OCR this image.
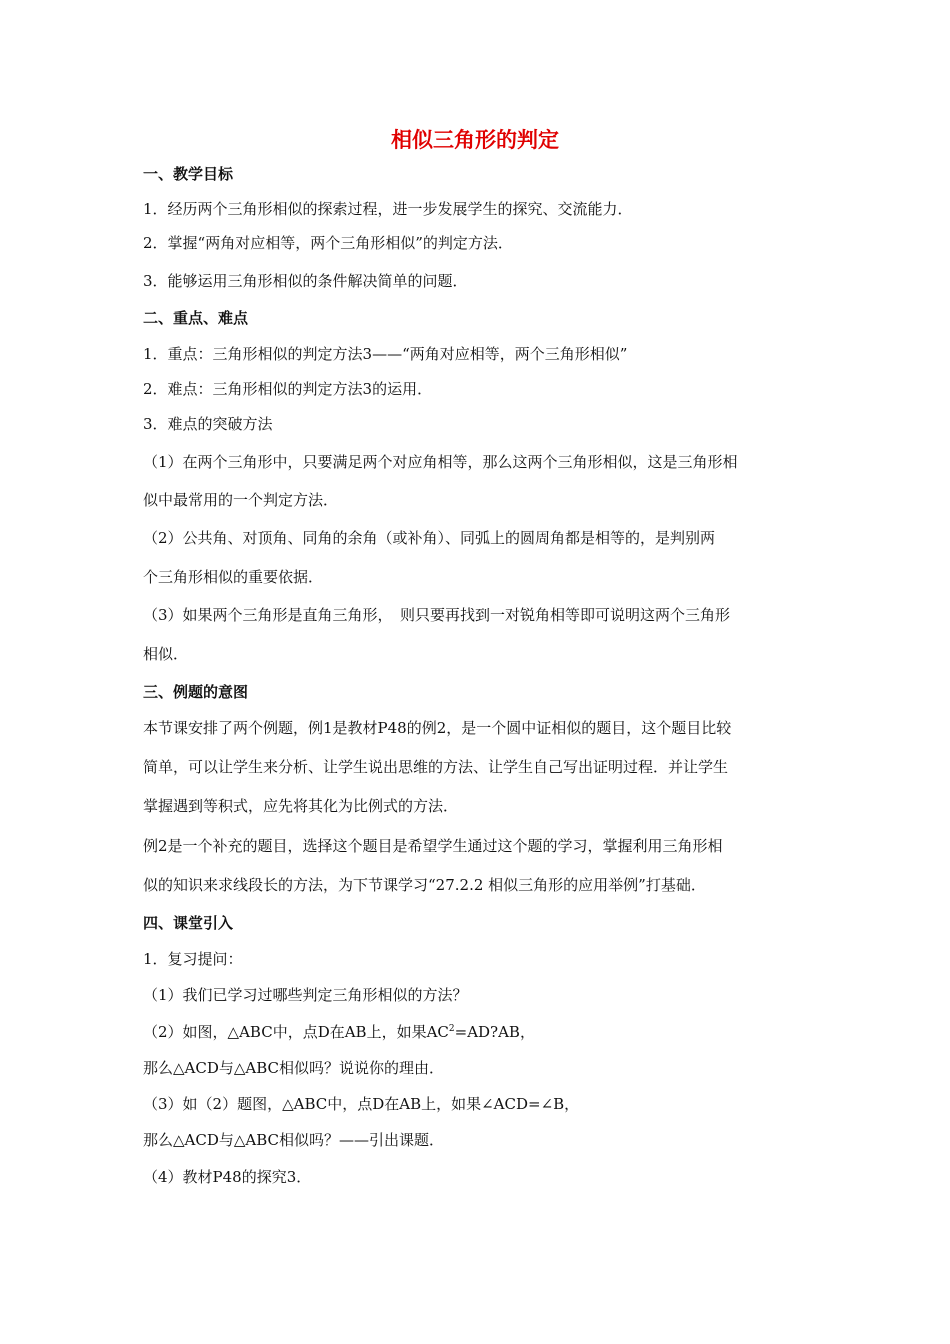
相似三角形的判定
一、教学目标
1．经历两个三角形相似的探索过程，进一步发展学生的探究、交流能力．
2．掌握“两角对应相等，两个三角形相似”的判定方法．
3．能够运用三角形相似的条件解决简单的问题．
二、重点、难点
1．重点：三角形相似的判定方法3——“两角对应相等，两个三角形相似”
2．难点：三角形相似的判定方法3的运用．
3．难点的突破方法
（1）在两个三角形中，只要满足两个对应角相等，那么这两个三角形相似，这是三角形相
似中最常用的一个判定方法．
（2）公共角、对顶角、同角的余角（或补角）、同弧上的圆周角都是相等的，是判别两
个三角形相似的重要依据．
（3）如果两个三角形是直角三角形，　则只要再找到一对锐角相等即可说明这两个三角形
相似．
三、例题的意图
本节课安排了两个例题，例1是教材P48的例2，是一个圆中证相似的题目，这个题目比较
简单，可以让学生来分析、让学生说出思维的方法、让学生自己写出证明过程．并让学生
掌握遇到等积式，应先将其化为比例式的方法．
例2是一个补充的题目，选择这个题目是希望学生通过这个题的学习，掌握利用三角形相
似的知识来求线段长的方法，为下节课学习“27.2.2 相似三角形的应用举例”打基础．
四、课堂引入
1．复习提问：
（1）我们已学习过哪些判定三角形相似的方法？
（2）如图，△ABC中，点D在AB上，如果$AC^2=AD?AB$，
那么△ACD与△ABC相似吗？说说你的理由．
（3）如（2）题图，△ABC中，点D在AB上，如果∠ACD=∠B，
那么△ACD与△ABC相似吗？——引出课题．
（4）教材P48的探究3．
